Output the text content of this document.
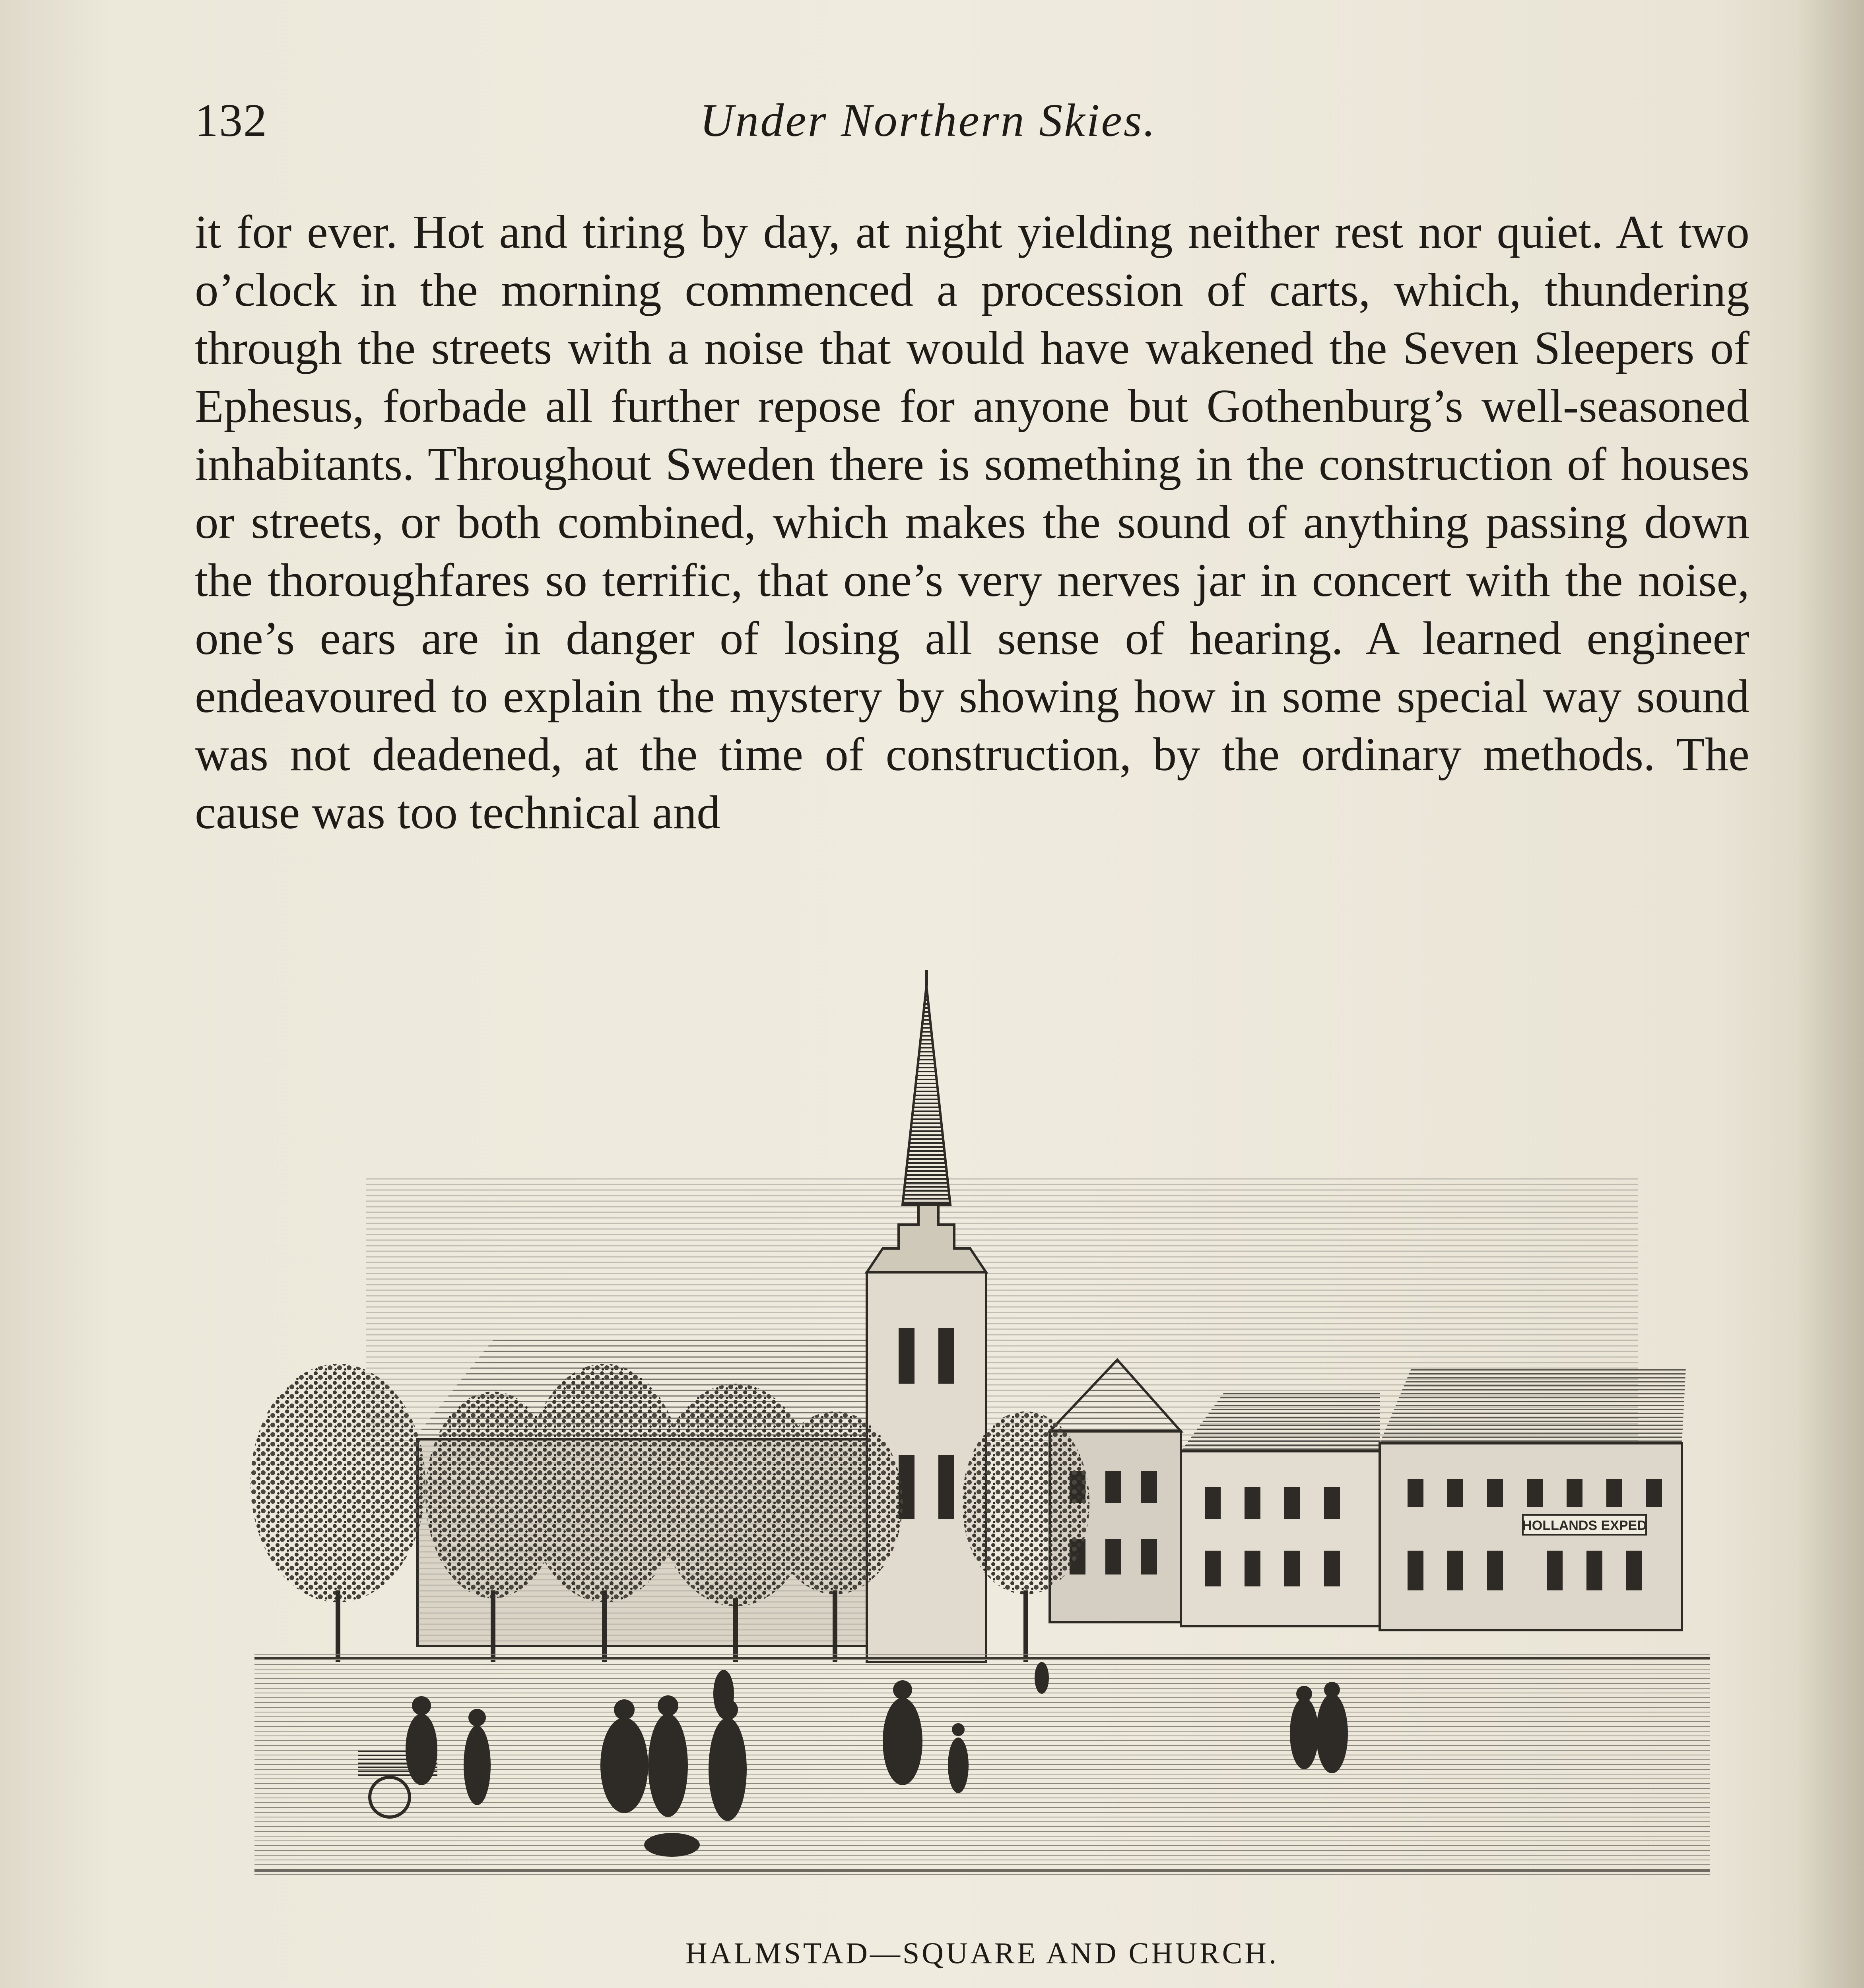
132	Under Northern Skies.

it for ever. Hot and tiring by day, at night yielding neither rest nor quiet. At two o’clock in the morning commenced a procession of carts, which, thundering through the streets with a noise that would have wakened the Seven Sleepers of Ephesus, forbade all further repose for anyone but Gothenburg’s well-seasoned inhabitants. Throughout Sweden there is something in the construction of houses or streets, or both combined, which makes the sound of anything passing down the thoroughfares so terrific, that one’s very nerves jar in concert with the noise, one’s ears are in danger of losing all sense of hearing. A learned engineer endeavoured to explain the mystery by showing how in some special way sound was not deadened, at the time of construction, by the ordinary methods. The cause was too technical and

HOLLANDS EXPED
HALMSTAD—SQUARE AND CHURCH.
